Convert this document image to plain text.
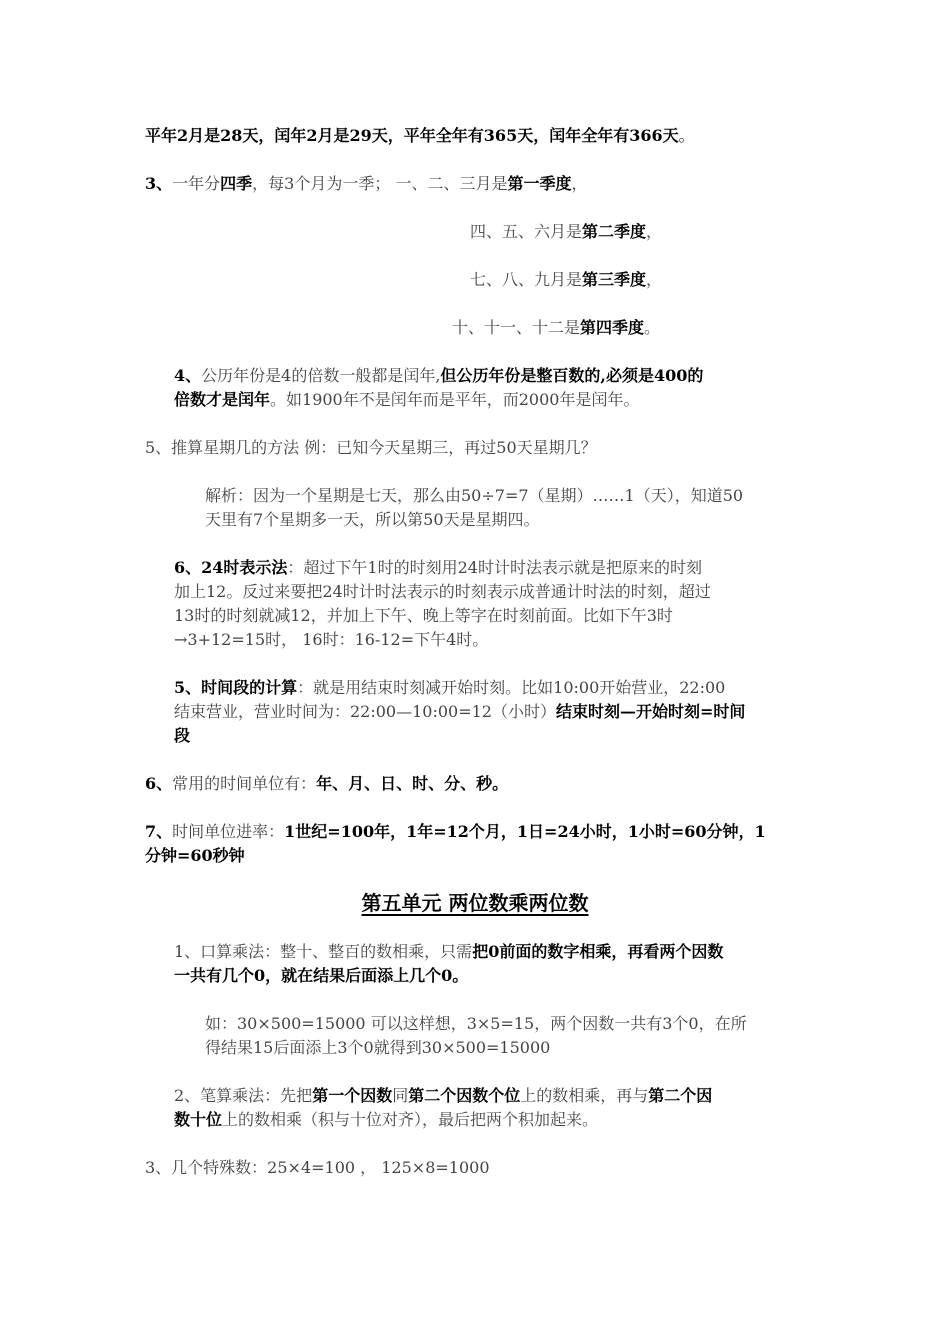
平年2月是28天，闰年2月是29天，平年全年有365天，闰年全年有366天。
3、一年分四季，每3个月为一季； 一、二、三月是第一季度，
四、五、六月是第二季度，
七、八、九月是第三季度，
十、十一、十二是第四季度。
4、公历年份是4的倍数一般都是闰年,但公历年份是整百数的,必须是400的
倍数才是闰年。如1900年不是闰年而是平年，而2000年是闰年。
5、推算星期几的方法 例：已知今天星期三，再过50天星期几？
解析：因为一个星期是七天，那么由50÷7=7（星期）……1（天），知道50
天里有7个星期多一天，所以第50天是星期四。
6、24时表示法：超过下午1时的时刻用24时计时法表示就是把原来的时刻
加上12。反过来要把24时计时法表示的时刻表示成普通计时法的时刻，超过
13时的时刻就减12，并加上下午、晚上等字在时刻前面。比如下午3时
→3+12=15时， 16时：16-12=下午4时。
5、时间段的计算：就是用结束时刻减开始时刻。比如10:00开始营业，22:00
结束营业，营业时间为：22:00—10:00=12（小时）结束时刻—开始时刻=时间
段
6、常用的时间单位有：年、月、日、时、分、秒。
7、时间单位进率：1世纪=100年，1年=12个月，1日=24小时，1小时=60分钟，1
分钟=60秒钟
第五单元 两位数乘两位数
1、口算乘法：整十、整百的数相乘，只需把0前面的数字相乘，再看两个因数
一共有几个0，就在结果后面添上几个0。
如：30×500=15000 可以这样想，3×5=15，两个因数一共有3个0，在所
得结果15后面添上3个0就得到30×500=15000
2、笔算乘法：先把第一个因数同第二个因数个位上的数相乘，再与第二个因
数十位上的数相乘（积与十位对齐），最后把两个积加起来。
3、几个特殊数：25×4=100 ， 125×8=1000
